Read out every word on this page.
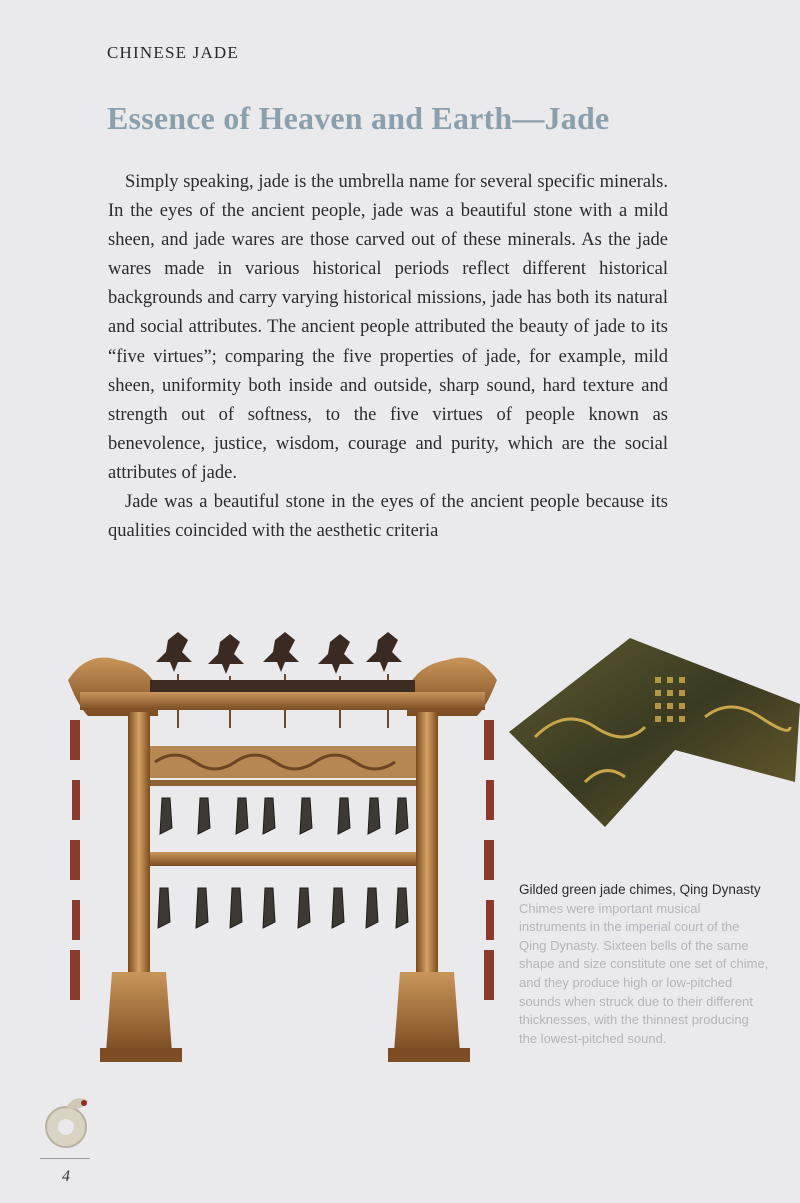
CHINESE JADE
Essence of Heaven and Earth—Jade

Simply speaking, jade is the umbrella name for several specific minerals. In the eyes of the ancient people, jade was a beautiful stone with a mild sheen, and jade wares are those carved out of these minerals. As the jade wares made in various historical periods reflect different historical backgrounds and carry varying historical missions, jade has both its natural and social attributes. The ancient people attributed the beauty of jade to its “five virtues”; comparing the five properties of jade, for example, mild sheen, uniformity both inside and outside, sharp sound, hard texture and strength out of softness, to the five virtues of people known as benevolence, justice, wisdom, courage and purity, which are the social attributes of jade.

Jade was a beautiful stone in the eyes of the ancient people because its qualities coincided with the aesthetic criteria

Gilded green jade chimes, Qing Dynasty
Chimes were important musical instruments in the imperial court of the Qing Dynasty. Sixteen bells of the same shape and size constitute one set of chime, and they produce high or low-pitched sounds when struck due to their different thicknesses, with the thinnest producing the lowest-pitched sound.
4
